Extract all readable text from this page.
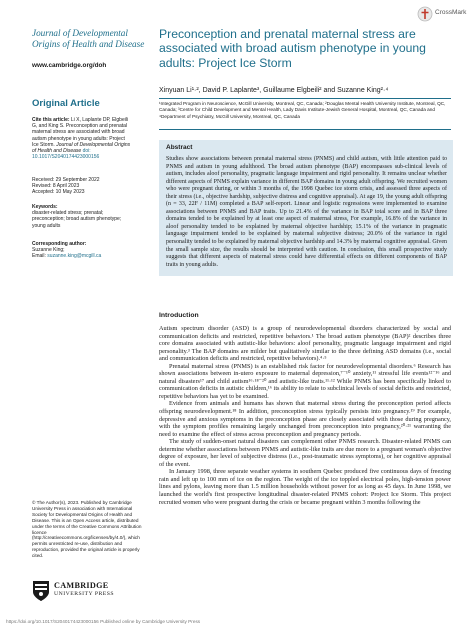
Journal of Developmental Origins of Health and Disease
www.cambridge.org/doh
CrossMark
Preconception and prenatal maternal stress are associated with broad autism phenotype in young adults: Project Ice Storm
Xinyuan Li¹·², David P. Laplante³, Guillaume Elgbeili² and Suzanne King²·⁴
¹Integrated Program in Neuroscience, McGill University, Montreal, QC, Canada; ²Douglas Mental Health University Institute, Montreal, QC, Canada; ³Centre for Child Development and Mental Health, Lady Davis Institute-Jewish General Hospital, Montreal, QC, Canada and ⁴Department of Psychiatry, McGill University, Montreal, QC, Canada
Original Article
Cite this article: Li X, Laplante DP, Elgbeili G, and King S. Preconception and prenatal maternal stress are associated with broad autism phenotype in young adults: Project Ice Storm. Journal of Developmental Origins of Health and Disease doi: 10.1017/S2040174423000156
Received: 29 September 2022
Revised: 8 April 2023
Accepted: 10 May 2023
Keywords:
disaster-related stress; prenatal; preconception; broad autism phenotype; young adults
Corresponding author:
Suzanne King;
Email: suzanne.king@mcgill.ca
Abstract
Studies show associations between prenatal maternal stress (PNMS) and child autism, with little attention paid to PNMS and autism in young adulthood. The broad autism phenotype (BAP) encompasses sub-clinical levels of autism, includes aloof personality, pragmatic language impairment and rigid personality. It remains unclear whether different aspects of PNMS explain variance in different BAP domains in young adult offspring. We recruited women who were pregnant during, or within 3 months of, the 1998 Quebec ice storm crisis, and assessed three aspects of their stress (i.e., objective hardship, subjective distress and cognitive appraisal). At age 19, the young adult offspring (n = 33, 22F / 11M) completed a BAP self-report. Linear and logistic regressions were implemented to examine associations between PNMS and BAP traits. Up to 21.4% of the variance in BAP total score and in BAP three domains tended to be explained by at least one aspect of maternal stress, For example, 16.8% of the variance in aloof personality tended to be explained by maternal objective hardship; 15.1% of the variance in pragmatic language impairment tended to be explained by maternal subjective distress; 20.0% of the variance in rigid personality tended to be explained by maternal objective hardship and 14.3% by maternal cognitive appraisal. Given the small sample size, the results should be interpreted with caution. In conclusion, this small prospective study suggests that different aspects of maternal stress could have differential effects on different components of BAP traits in young adults.
Introduction

Autism spectrum disorder (ASD) is a group of neurodevelopmental disorders characterized by social and communication deficits and restricted, repetitive behaviors.¹ The broad autism phenotype (BAP)² describes three core domains associated with autistic-like behaviors: aloof personality, pragmatic language impairment and rigid personality.³ The BAP domains are milder but qualitatively similar to the three defining ASD domains (i.e., social and communication deficits and restricted, repetitive behaviors).⁴·⁵

Prenatal maternal stress (PNMS) is an established risk factor for neurodevelopmental disorders.⁶ Research has shown associations between in-utero exposure to maternal depression,⁷⁻¹⁰ anxiety,¹¹ stressful life events¹²⁻¹⁶ and natural disasters¹⁷ and child autism¹⁶·¹⁸⁻²⁰ and autistic-like traits.¹¹·¹² While PNMS has been specifically linked to communication deficits in autistic children,¹⁶ its ability to relate to subclinical levels of social deficits and restricted, repetitive behaviors has yet to be examined.

Evidence from animals and humans has shown that maternal stress during the preconception period affects offspring neurodevelopment.¹⁸ In addition, preconception stress typically persists into pregnancy.¹⁹ For example, depressive and anxious symptoms in the preconception phase are closely associated with those during pregnancy, with the symptom profiles remaining largely unchanged from preconception into pregnancy,²⁰·²¹ warranting the need to examine the effect of stress across preconception and pregnancy periods.

The study of sudden-onset natural disasters can complement other PNMS research. Disaster-related PNMS can determine whether associations between PNMS and autistic-like traits are due more to a pregnant woman's objective degree of exposure, her level of subjective distress (i.e., post-traumatic stress symptoms), or her cognitive appraisal of the event.

In January 1998, three separate weather systems in southern Quebec produced five continuous days of freezing rain and left up to 100 mm of ice on the region. The weight of the ice toppled electrical poles, high-tension power lines and pylons, leaving more than 1.5 million households without power for as long as 45 days. In June 1998, we launched the world's first prospective longitudinal disaster-related PNMS cohort: Project Ice Storm. This project recruited women who were pregnant during the crisis or became pregnant within 3 months following the

© The Author(s), 2023. Published by Cambridge University Press in association with International Society for Developmental Origins of Health and Disease. This is an Open Access article, distributed under the terms of the Creative Commons Attribution licence (http://creativecommons.org/licenses/by/4.0/), which permits unrestricted re-use, distribution and reproduction, provided the original article is properly cited.
CAMBRIDGE
UNIVERSITY PRESS
https://doi.org/10.1017/S2040174423000156 Published online by Cambridge University Press
